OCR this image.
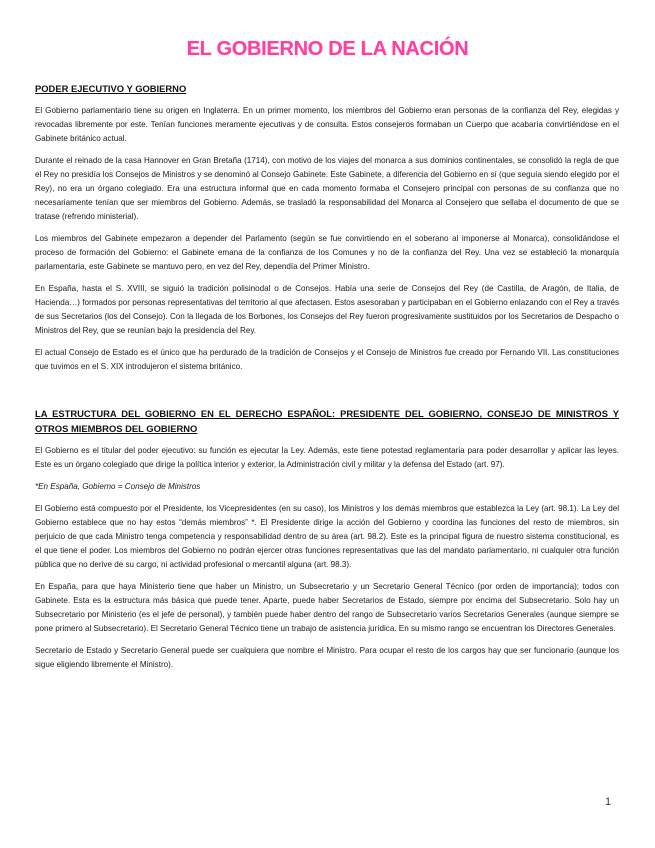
EL GOBIERNO DE LA NACIÓN
PODER EJECUTIVO Y GOBIERNO

El Gobierno parlamentario tiene su origen en Inglaterra. En un primer momento, los miembros del Gobierno eran personas de la confianza del Rey, elegidas y revocadas libremente por este. Tenían funciones meramente ejecutivas y de consulta. Estos consejeros formaban un Cuerpo que acabaría convirtiéndose en el Gabinete británico actual.

Durante el reinado de la casa Hannover en Gran Bretaña (1714), con motivo de los viajes del monarca a sus dominios continentales, se consolidó la regla de que el Rey no presidía los Consejos de Ministros y se denominó al Consejo Gabinete. Este Gabinete, a diferencia del Gobierno en sí (que seguía siendo elegido por el Rey), no era un órgano colegiado. Era una estructura informal que en cada momento formaba el Consejero principal con personas de su confianza que no necesariamente tenían que ser miembros del Gobierno. Además, se trasladó la responsabilidad del Monarca al Consejero que sellaba el documento de que se tratase (refrendo ministerial).

Los miembros del Gabinete empezaron a depender del Parlamento (según se fue convirtiendo en el soberano al imponerse al Monarca), consolidándose el proceso de formación del Gobierno: el Gabinete emana de la confianza de los Comunes y no de la confianza del Rey. Una vez se estableció la monarquía parlamentaria, este Gabinete se mantuvo pero, en vez del Rey, dependía del Primer Ministro.

En España, hasta el S. XVIII, se siguió la tradición polisinodal o de Consejos. Había una serie de Consejos del Rey (de Castilla, de Aragón, de Italia, de Hacienda…) formados por personas representativas del territorio al que afectasen. Estos asesoraban y participaban en el Gobierno enlazando con el Rey a través de sus Secretarios (los del Consejo). Con la llegada de los Borbones, los Consejos del Rey fueron progresivamente sustituidos por los Secretarios de Despacho o Ministros del Rey, que se reunían bajo la presidencia del Rey.

El actual Consejo de Estado es el único que ha perdurado de la tradición de Consejos y el Consejo de Ministros fue creado por Fernando VII. Las constituciones que tuvimos en el S. XIX introdujeron el sistema británico.

LA ESTRUCTURA DEL GOBIERNO EN EL DERECHO ESPAÑOL: PRESIDENTE DEL GOBIERNO, CONSEJO DE MINISTROS Y OTROS MIEMBROS DEL GOBIERNO

El Gobierno es el titular del poder ejecutivo: su función es ejecutar la Ley. Además, este tiene potestad reglamentaria para poder desarrollar y aplicar las leyes. Este es un órgano colegiado que dirige la política interior y exterior, la Administración civil y militar y la defensa del Estado (art. 97).

*En España, Gobierno = Consejo de Ministros

El Gobierno está compuesto por el Presidente, los Vicepresidentes (en su caso), los Ministros y los demás miembros que establezca la Ley (art. 98.1). La Ley del Gobierno establece que no hay estos “demás miembros” *. El Presidente dirige la acción del Gobierno y coordina las funciones del resto de miembros, sin perjuicio de que cada Ministro tenga competencia y responsabilidad dentro de su área (art. 98.2). Este es la principal figura de nuestro sistema constitucional, es el que tiene el poder. Los miembros del Gobierno no podrán ejercer otras funciones representativas que las del mandato parlamentario, ni cualquier otra función pública que no derive de su cargo, ni actividad profesional o mercantil alguna (art. 98.3).

En España, para que haya Ministerio tiene que haber un Ministro, un Subsecretario y un Secretario General Técnico (por orden de importancia); todos con Gabinete. Esta es la estructura más básica que puede tener. Aparte, puede haber Secretarios de Estado, siempre por encima del Subsecretario. Solo hay un Subsecretario por Ministerio (es el jefe de personal), y también puede haber dentro del rango de Subsecretario varios Secretarios Generales (aunque siempre se pone primero al Subsecretario). El Secretario General Técnico tiene un trabajo de asistencia jurídica. En su mismo rango se encuentran los Directores Generales.

Secretario de Estado y Secretario General puede ser cualquiera que nombre el Ministro. Para ocupar el resto de los cargos hay que ser funcionario (aunque los sigue eligiendo libremente el Ministro).

1
